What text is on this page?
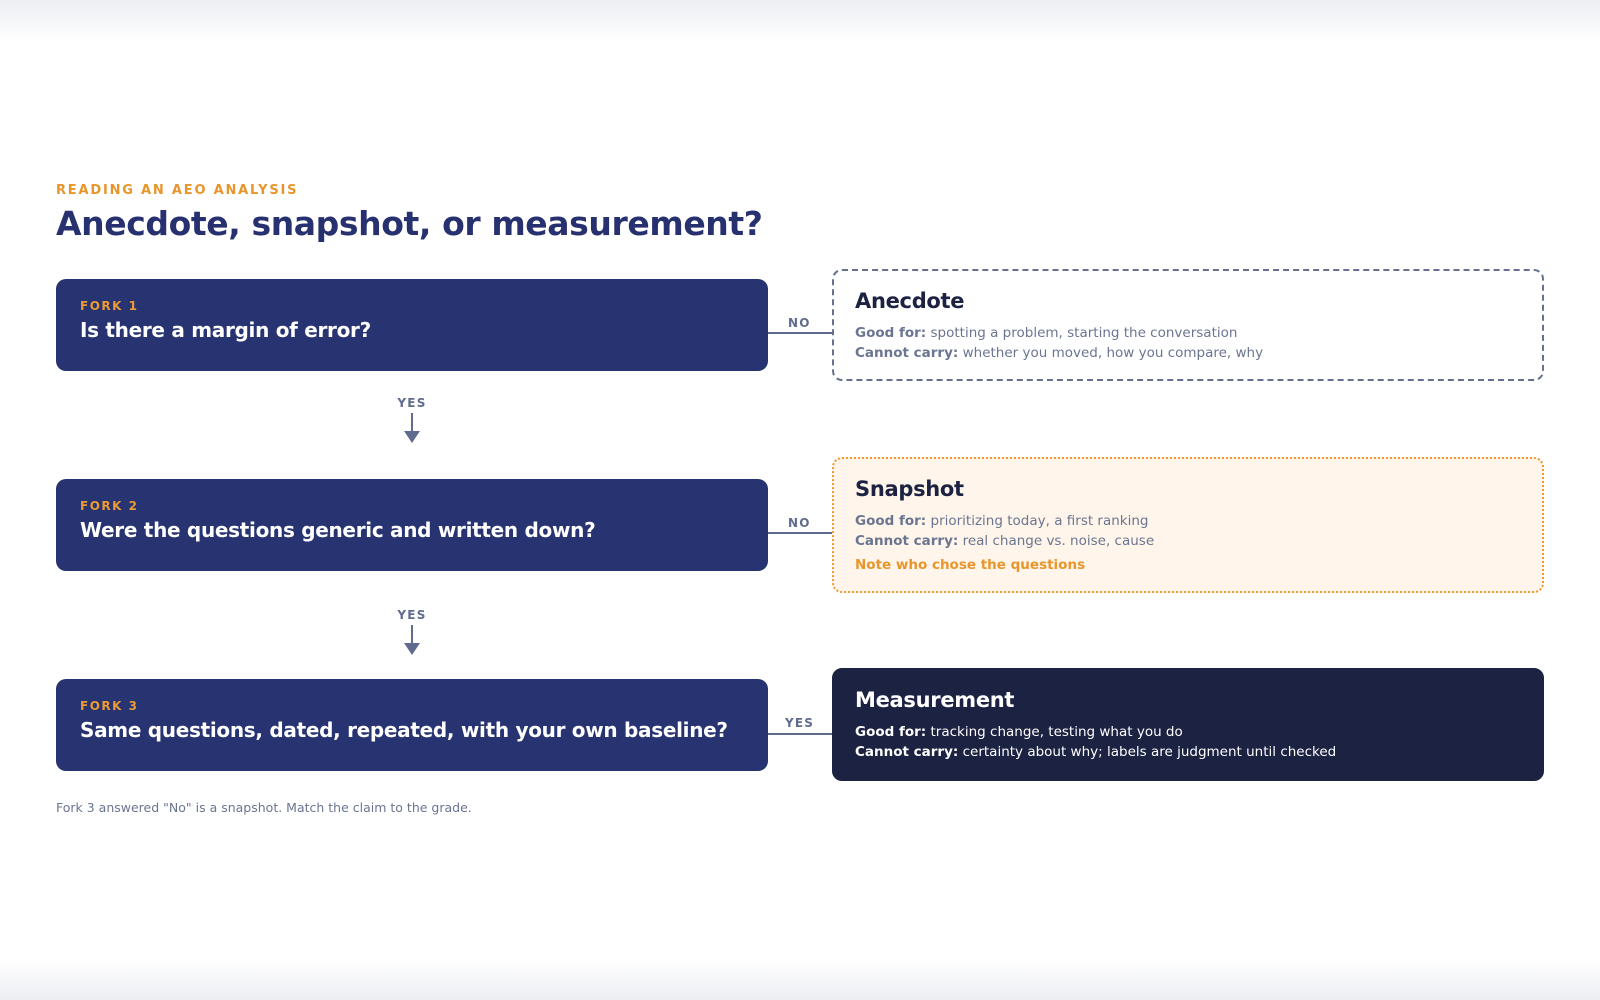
READING AN AEO ANALYSIS
Anecdote, snapshot, or measurement?
FORK 1
Is there a margin of error?	NO
YES
FORK 2
Were the questions generic and written down?	NO
YES
FORK 3
Same questions, dated, repeated, with your own baseline?	YES
Anecdote
Good for: spotting a problem, starting the conversation
Cannot carry: whether you moved, how you compare, why
Snapshot
Good for: prioritizing today, a first ranking
Cannot carry: real change vs. noise, cause
Note who chose the questions
Measurement
Good for: tracking change, testing what you do
Cannot carry: certainty about why; labels are judgment until checked
Fork 3 answered "No" is a snapshot. Match the claim to the grade.
